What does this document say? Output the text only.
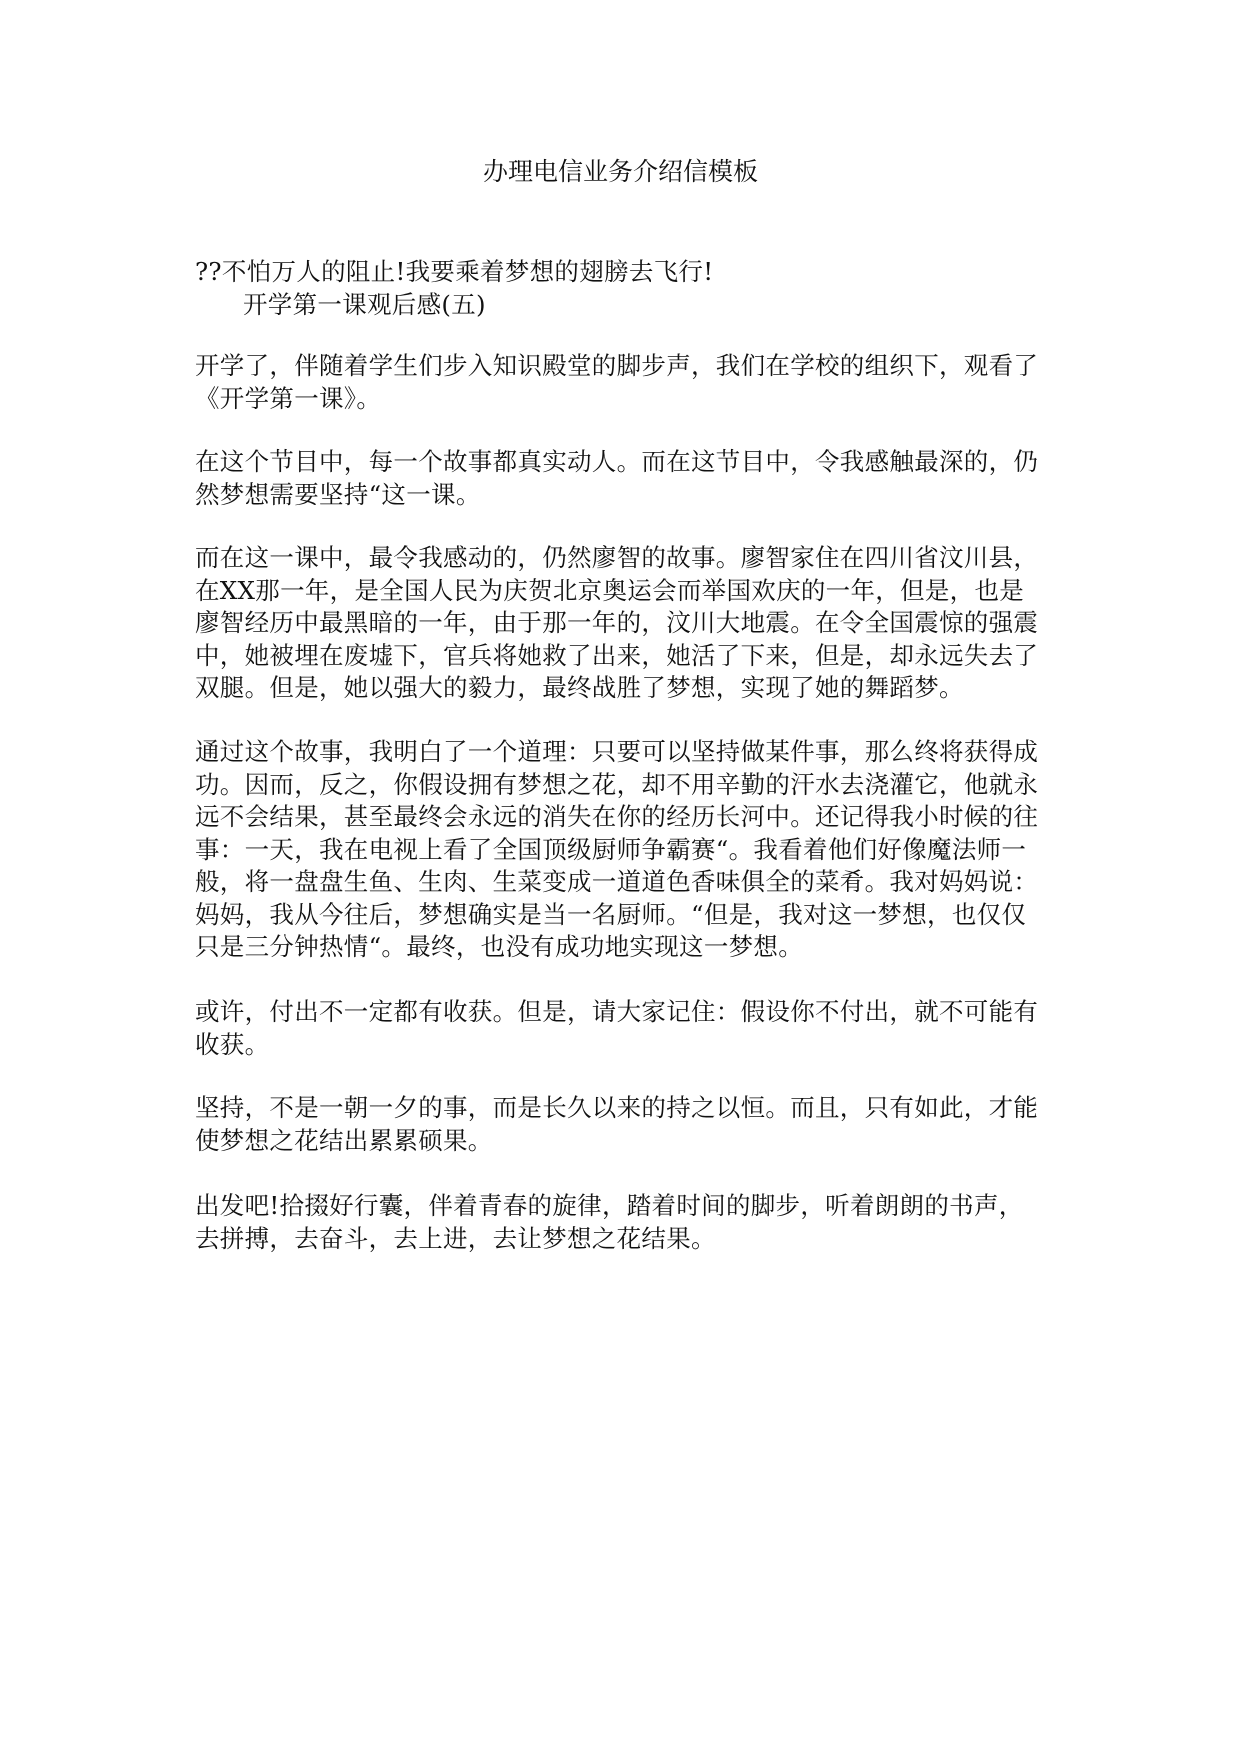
办理电信业务介绍信模板
??不怕万人的阻止!我要乘着梦想的翅膀去飞行!
开学第一课观后感(五)
开学了，伴随着学生们步入知识殿堂的脚步声，我们在学校的组织下，观看了
《开学第一课》。
在这个节目中，每一个故事都真实动人。而在这节目中，令我感触最深的，仍
然梦想需要坚持“这一课。
而在这一课中，最令我感动的，仍然廖智的故事。廖智家住在四川省汶川县，
在XX那一年，是全国人民为庆贺北京奥运会而举国欢庆的一年，但是，也是
廖智经历中最黑暗的一年，由于那一年的，汶川大地震。在令全国震惊的强震
中，她被埋在废墟下，官兵将她救了出来，她活了下来，但是，却永远失去了
双腿。但是，她以强大的毅力，最终战胜了梦想，实现了她的舞蹈梦。
通过这个故事，我明白了一个道理：只要可以坚持做某件事，那么终将获得成
功。因而，反之，你假设拥有梦想之花，却不用辛勤的汗水去浇灌它，他就永
远不会结果，甚至最终会永远的消失在你的经历长河中。还记得我小时候的往
事：一天，我在电视上看了全国顶级厨师争霸赛“。我看着他们好像魔法师一
般，将一盘盘生鱼、生肉、生菜变成一道道色香味俱全的菜肴。我对妈妈说：
妈妈，我从今往后，梦想确实是当一名厨师。“但是，我对这一梦想，也仅仅
只是三分钟热情“。最终，也没有成功地实现这一梦想。
或许，付出不一定都有收获。但是，请大家记住：假设你不付出，就不可能有
收获。
坚持，不是一朝一夕的事，而是长久以来的持之以恒。而且，只有如此，才能
使梦想之花结出累累硕果。
出发吧!拾掇好行囊，伴着青春的旋律，踏着时间的脚步，听着朗朗的书声，
去拼搏，去奋斗，去上进，去让梦想之花结果。
